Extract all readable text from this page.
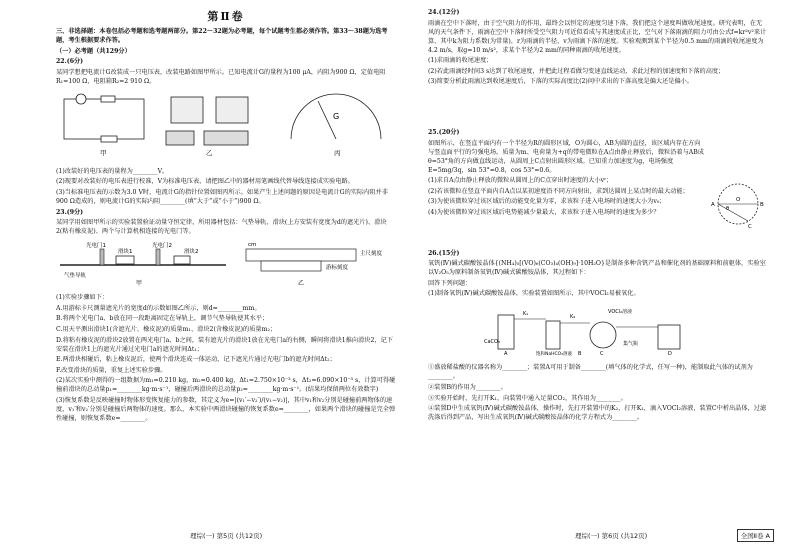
第Ⅱ卷

三、非选择题：本卷包括必考题和选考题两部分。第22～32题为必考题，每个试题考生都必须作答。第33～38题为选考题，考生根据要求作答。

（一）必考题（共129分）

22.(6分)

某同学想把电流计G改装成一只电压表，改装电路如图甲所示。已知电流计G的量程为100 μA，内阻为900 Ω，定值电阻R₁=100 Ω，电阻箱R₂=2 910 Ω。

G
甲	乙	丙

(1)改装好的电压表的量程为________V。

(2)现要对改装好的电压表进行校准，V为标准电压表，请把图乙中的器材用笔画线代替导线连接成实验电路。

(3)当标准电压表的示数为3.0 V时，电流计G的指针位置如图丙所示。如果产生上述问题的原因是电流计G的实际内阻并非900 Ω造成的，则电流计G的实际内阻________(填“大于”或“小于”)900 Ω。

23.(9分)

某同学用如图甲所示的实验装置验证动量守恒定律，所用器材包括：气垫导轨、滑块(上方安装有宽度为d的遮光片)、滑块2(粘有橡皮泥)、两个与计算机相连接的光电门等。

光电门1
滑块1
光电门2
滑块2
气垫导轨
甲
cm
主尺刻度
游标刻度
乙

(1)实验步骤如下：

A.用游标卡尺测量遮光片的宽度d的示数如图乙所示，则d=________mm。

B.将两个光电门a、b放在同一段距离固定在导轨上，调节气垫导轨使其水平；

C.用天平测出滑块1(含遮光片、橡皮泥)的质量m₁、滑块2(含橡皮泥)的质量m₂；

D.将粘有橡皮泥的滑块2放置在两光电门a、b之间，装有遮光片的滑块1放在光电门a的右侧，瞬间将滑块1推向滑块2，记下安装在滑块1上的遮光片通过光电门a的遮光时间Δt₁；

E.两滑块相碰后，粘上橡皮泥后，使两个滑块连成一体运动，记下遮光片通过光电门b的遮光时间Δt₂；

F.改变滑块的质量，重复上述实验步骤。

(2)某次实验中测得的一组数据为m₁=0.210 kg，m₂=0.400 kg，Δt₁=2.750×10⁻³ s，Δt₂=6.090×10⁻³ s，计算可得碰撞前滑块的总动量p₁=________kg·m·s⁻¹，碰撞后两滑块的总动量p₂=________kg·m·s⁻¹。(结果均保留两位有效数字)

(3)恢复系数是反映碰撞时物体形变恢复能力的参数，其定义为e=|(v₁′−v₂′)/(v₁−v₂)|，其中v₁和v₂分别是碰撞前两物体的速度，v₁′和v₂′分别是碰撞后两物体的速度。那么，本实验中两滑块碰撞的恢复系数e=________，如果两个滑块的碰撞是完全弹性碰撞，则恢复系数e=________。

24.(12分)

雨滴在空中下落时，由于空气阻力的作用，最终会以恒定的速度匀速下落，我们把这个速度叫做收尾速度。研究表明，在无风的天气条件下，雨滴在空中下落时所受空气阻力可近似看成与其速度成正比，空气对下落雨滴的阻力可由公式f=kr²v²来计算，其中k为阻力系数(为常量)，r为雨滴的半径，v为雨滴下落的速度。实验观测到某个半径为0.5 mm的雨滴的收尾速度为4.2 m/s，取g=10 m/s²，求某个半径为2 mm的同种雨滴的收尾速度。

(1)求雨滴的收尾速度；

(2)若此雨滴经时间3 s达到了收尾速度，并把此过程看做匀变速直线运动，求此过程的加速度和下落的高度；

(3)简要分析此雨滴达到收尾速度后，下落的实际高度比(2)问中求出的下落高度是偏大还是偏小。

25.(20分)

A	B
O
C
θ

如图所示，在竖直平面内有一个半径为R的圆形区域，O为圆心，AB为圆的直径，该区域内存在方向与竖直面平行的匀强电场。质量为m、电荷量为+q的带电微粒在A点由静止释放后，微粒沿着与AB成θ=53°角的方向做直线运动，从圆周上C点射出圆形区域。已知重力加速度为g，电场强度E=5mg/3q，sin 53°=0.8，cos 53°=0.6。

(1)求自A点由静止释放的微粒从圆周上的C点穿出时速度的大小vᶜ；

(2)若该微粒在竖直平面内自A点以某初速度沿不同方向射出，求到达圆周上某点时的最大动能；

(3)为使该微粒穿过该区域后的动能变化量为零，求该粒子进入电场时的速度大小为v₀；

(4)为使该微粒穿过该区域后电势能减少量最大，求该粒子进入电场时的速度为多少？

26.(15分)

氧钒(Ⅳ)碱式碳酸铵晶体{(NH₄)₅[(VO)₆(CO₃)₄(OH)₉]·10H₂O}是制备多种含钒产品和催化剂的基础原料和前驱体，实验室以V₂O₅为原料制备氧钒(Ⅳ)碱式碳酸铵晶体，其过程如下：

回答下列问题：

(1)制备氧钒(Ⅳ)碱式碳酸铵晶体，实验装置如图所示，其中VOCl₂易被氧化。

CaCO₃
K₁	K₂
VOCl₂溶液
饱和NaHCO₃溶液
集气瓶
A	B	C	D

①盛放稀盐酸的仪器名称为________；装置A可用于制备________(填气体的化学式，任写一种)，能制取此气体的试剂为________。

②装置B的作用为________。

③实验开始时，先打开K₁，向装置中通入足量CO₂，其作用为________。

④装置D中生成氧钒(Ⅳ)碱式碳酸铵晶体，操作时，先打开装置中的K₂，打开K₁，滴入VOCl₂溶液，装置C中析出晶体，过滤洗涤后得到产品，写出生成氧钒(Ⅳ)碱式碳酸铵晶体的化学方程式为________。

理综(一) 第5页 (共12页)	理综(一) 第6页 (共12页)	全国Ⅱ卷 A
